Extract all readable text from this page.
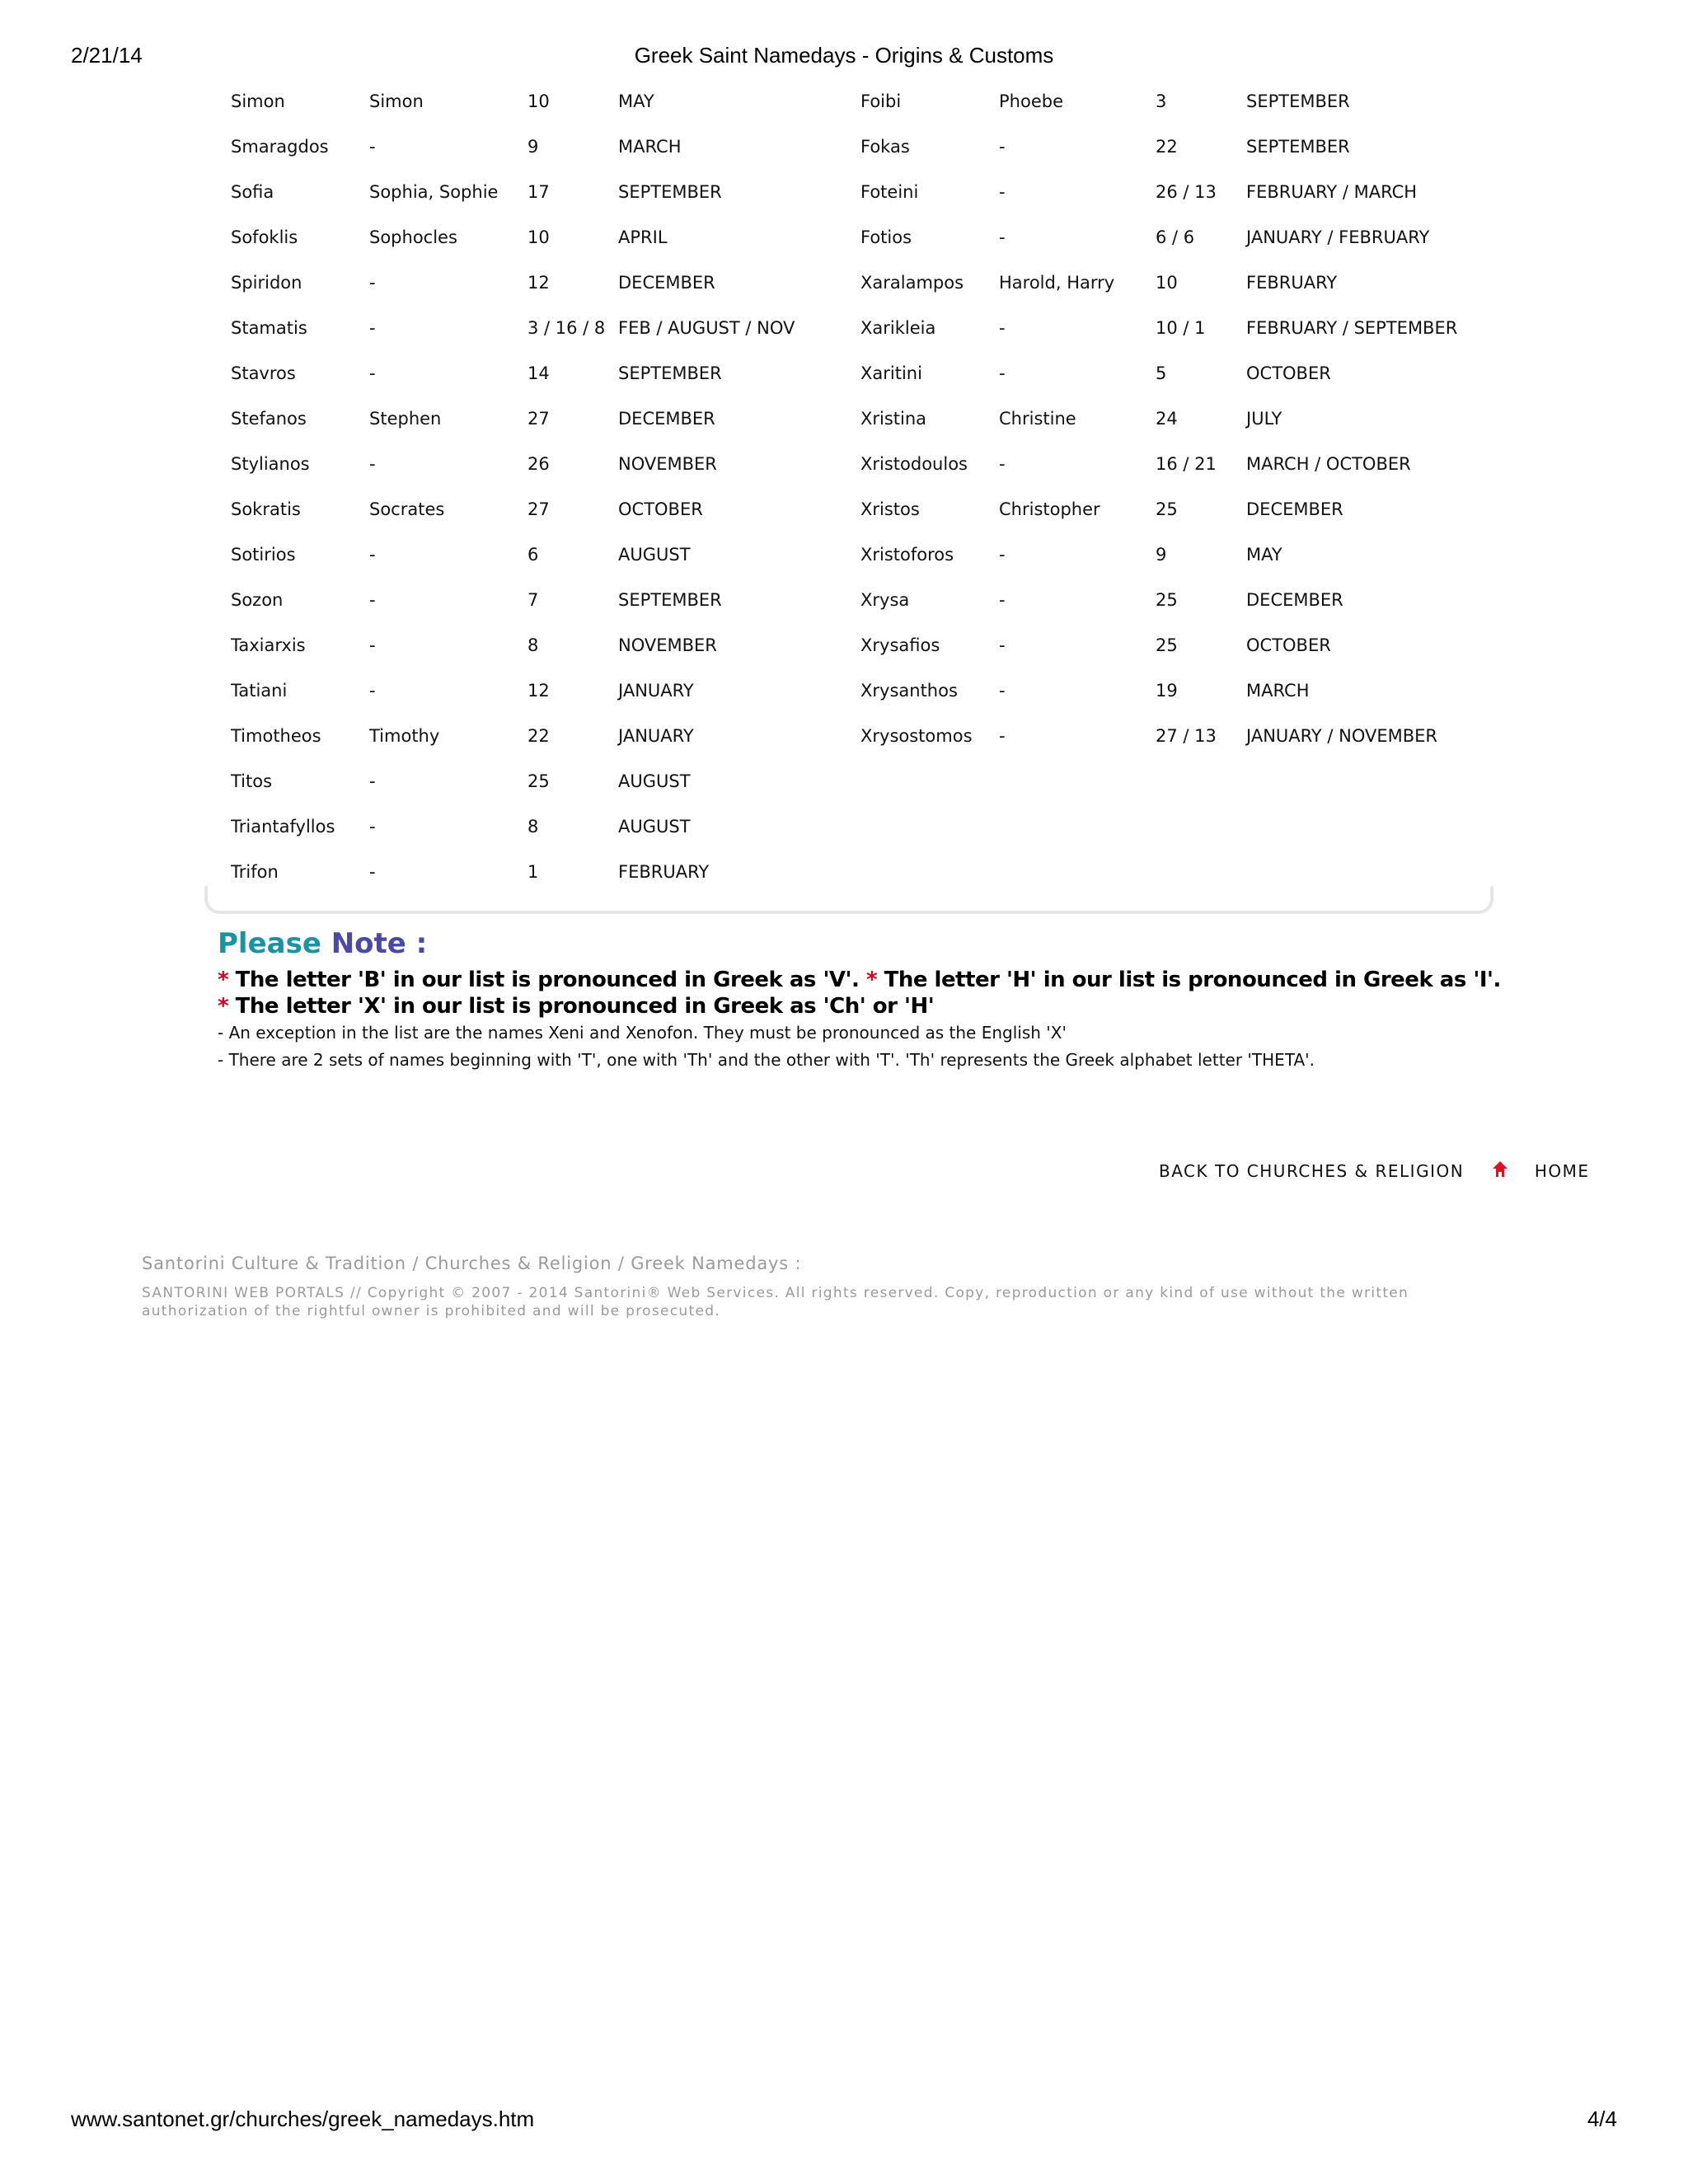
2/21/14	Greek Saint Namedays - Origins & Customs
Simon	Simon	10	MAY
Smaragdos	-	9	MARCH
Sofia	Sophia, Sophie	17	SEPTEMBER
Sofoklis	Sophocles	10	APRIL
Spiridon	-	12	DECEMBER
Stamatis	-	3 / 16 / 8	FEB / AUGUST / NOV
Stavros	-	14	SEPTEMBER
Stefanos	Stephen	27	DECEMBER
Stylianos	-	26	NOVEMBER
Sokratis	Socrates	27	OCTOBER
Sotirios	-	6	AUGUST
Sozon	-	7	SEPTEMBER
Taxiarxis	-	8	NOVEMBER
Tatiani	-	12	JANUARY
Timotheos	Timothy	22	JANUARY
Titos	-	25	AUGUST
Triantafyllos	-	8	AUGUST
Trifon	-	1	FEBRUARY
Foibi	Phoebe	3	SEPTEMBER
Fokas	-	22	SEPTEMBER
Foteini	-	26 / 13	FEBRUARY / MARCH
Fotios	-	6 / 6	JANUARY / FEBRUARY
Xaralampos	Harold, Harry	10	FEBRUARY
Xarikleia	-	10 / 1	FEBRUARY / SEPTEMBER
Xaritini	-	5	OCTOBER
Xristina	Christine	24	JULY
Xristodoulos	-	16 / 21	MARCH / OCTOBER
Xristos	Christopher	25	DECEMBER
Xristoforos	-	9	MAY
Xrysa	-	25	DECEMBER
Xrysafios	-	25	OCTOBER
Xrysanthos	-	19	MARCH
Xrysostomos	-	27 / 13	JANUARY / NOVEMBER
Please Note :
* The letter 'B' in our list is pronounced in Greek as 'V'. * The letter 'H' in our list is pronounced in Greek as 'I'.
* The letter 'X' in our list is pronounced in Greek as 'Ch' or 'H'
- An exception in the list are the names Xeni and Xenofon. They must be pronounced as the English 'X'
- There are 2 sets of names beginning with 'T', one with 'Th' and the other with 'T'. 'Th' represents the Greek alphabet letter 'THETA'.
BACK TO CHURCHES & RELIGION	HOME
Santorini Culture & Tradition / Churches & Religion / Greek Namedays :
SANTORINI WEB PORTALS // Copyright © 2007 - 2014 Santorini® Web Services. All rights reserved. Copy, reproduction or any kind of use without the written authorization of the rightful owner is prohibited and will be prosecuted.
www.santonet.gr/churches/greek_namedays.htm	4/4
